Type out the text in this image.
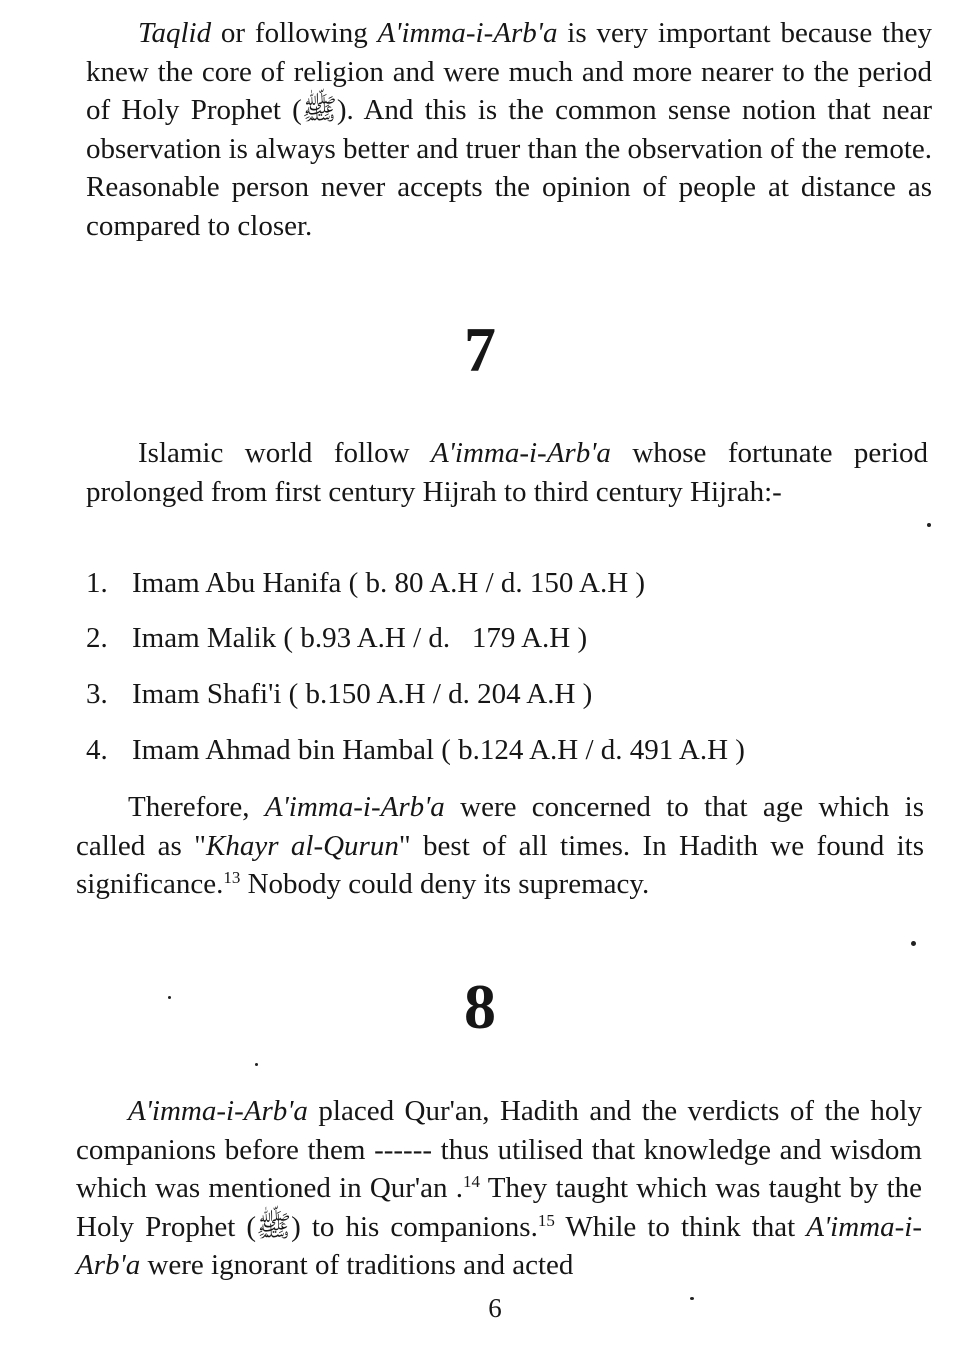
Taqlid or following A'imma-i-Arb'a is very important because they knew the core of religion and were much and more nearer to the period of Holy Prophet (ﷺ). And this is the common sense notion that near observation is always better and truer than the observation of the remote. Reasonable person never accepts the opinion of people at distance as compared to closer.

7

Islamic world follow A'imma-i-Arb'a whose fortunate period prolonged from first century Hijrah to third century Hijrah:-

1. Imam Abu Hanifa ( b. 80 A.H / d. 150 A.H )
2. Imam Malik ( b.93 A.H / d.   179 A.H )
3. Imam Shafi'i ( b.150 A.H / d. 204 A.H )
4. Imam Ahmad bin Hambal ( b.124 A.H / d. 491 A.H )

Therefore, A'imma-i-Arb'a were concerned to that age which is called as "Khayr al-Qurun" best of all times. In Hadith we found its significance.$^{13}$ Nobody could deny its supremacy.

8

A'imma-i-Arb'a placed Qur'an, Hadith and the verdicts of the holy companions before them ------ thus utilised that knowledge and wisdom which was mentioned in Qur'an .$^{14}$ They taught which was taught by the Holy Prophet (ﷺ) to his companions.$^{15}$ While to think that A'imma-i-Arb'a were ignorant of traditions and acted

6
